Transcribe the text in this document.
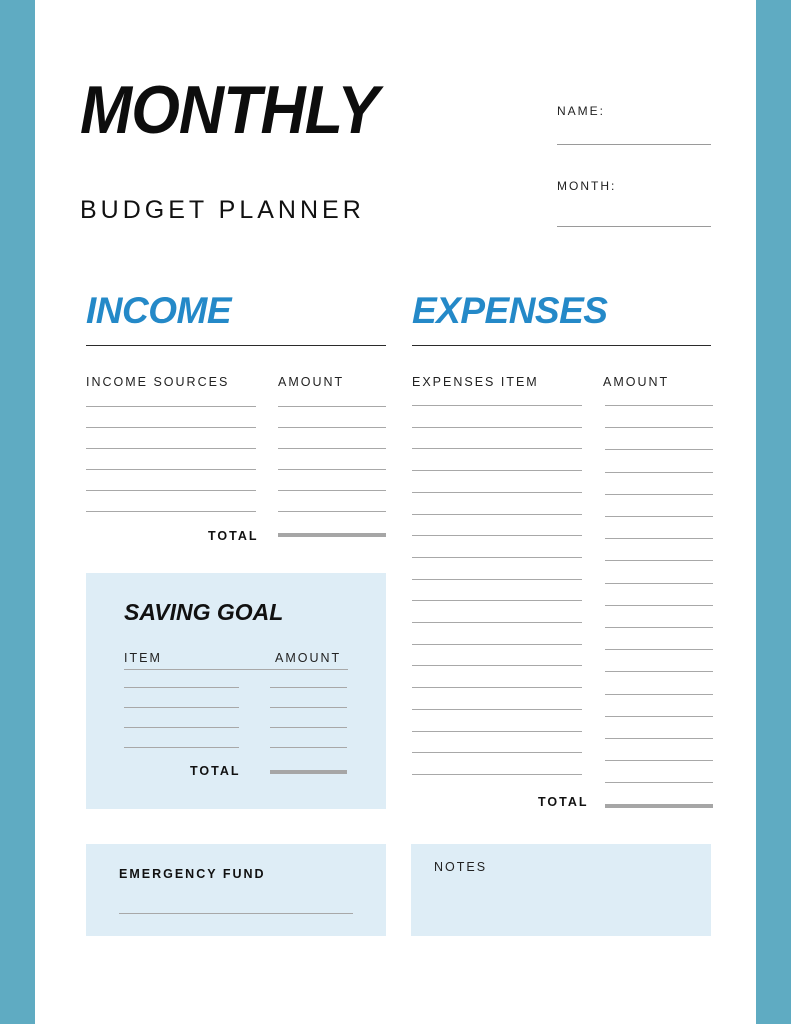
MONTHLY
BUDGET PLANNER
NAME:
MONTH:
INCOME
INCOME SOURCES	AMOUNT
TOTAL
EXPENSES
EXPENSES ITEM	AMOUNT
TOTAL
SAVING GOAL
ITEM	AMOUNT
TOTAL
EMERGENCY FUND	NOTES
